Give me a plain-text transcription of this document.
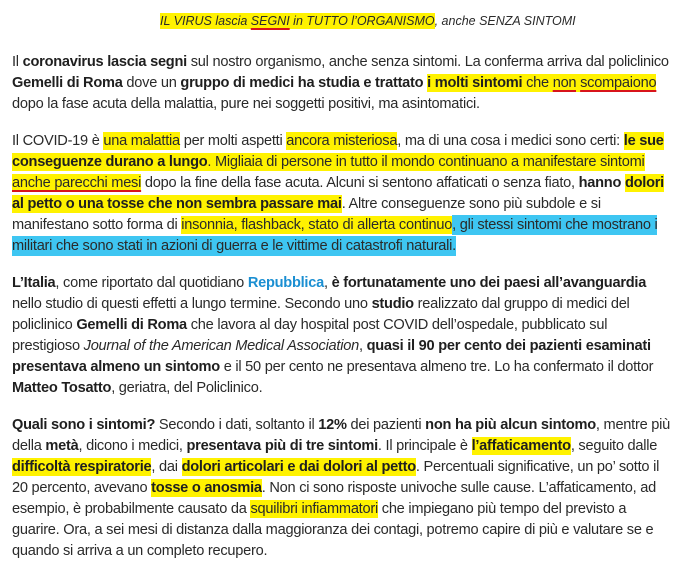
IL VIRUS lascia SEGNI in TUTTO l’ORGANISMO, anche SENZA SINTOMI

Il coronavirus lascia segni sul nostro organismo, anche senza sintomi. La conferma arriva dal policlinico Gemelli di Roma dove un gruppo di medici ha studia e trattato i molti sintomi che non scompaiono dopo la fase acuta della malattia, pure nei soggetti positivi, ma asintomatici.

Il COVID-19 è una malattia per molti aspetti ancora misteriosa, ma di una cosa i medici sono certi: le sue conseguenze durano a lungo. Migliaia di persone in tutto il mondo continuano a manifestare sintomi anche parecchi mesi dopo la fine della fase acuta. Alcuni si sentono affaticati o senza fiato, hanno dolori al petto o una tosse che non sembra passare mai. Altre conseguenze sono più subdole e si manifestano sotto forma di insonnia, flashback, stato di allerta continuo, gli stessi sintomi che mostrano i militari che sono stati in azioni di guerra e le vittime di catastrofi naturali.

L’Italia, come riportato dal quotidiano Repubblica, è fortunatamente uno dei paesi all’avanguardia nello studio di questi effetti a lungo termine. Secondo uno studio realizzato dal gruppo di medici del policlinico Gemelli di Roma che lavora al day hospital post COVID dell’ospedale, pubblicato sul prestigioso Journal of the American Medical Association, quasi il 90 per cento dei pazienti esaminati presentava almeno un sintomo e il 50 per cento ne presentava almeno tre. Lo ha confermato il dottor Matteo Tosatto, geriatra, del Policlinico.

Quali sono i sintomi? Secondo i dati, soltanto il 12% dei pazienti non ha più alcun sintomo, mentre più della metà, dicono i medici, presentava più di tre sintomi. Il principale è l’affaticamento, seguito dalle difficoltà respiratorie, dai dolori articolari e dai dolori al petto. Percentuali significative, un po’ sotto il 20 percento, avevano tosse o anosmia. Non ci sono risposte univoche sulle cause. L’affaticamento, ad esempio, è probabilmente causato da squilibri infiammatori che impiegano più tempo del previsto a guarire. Ora, a sei mesi di distanza dalla maggioranza dei contagi, potremo capire di più e valutare se e quando si arriva a un completo recupero.
